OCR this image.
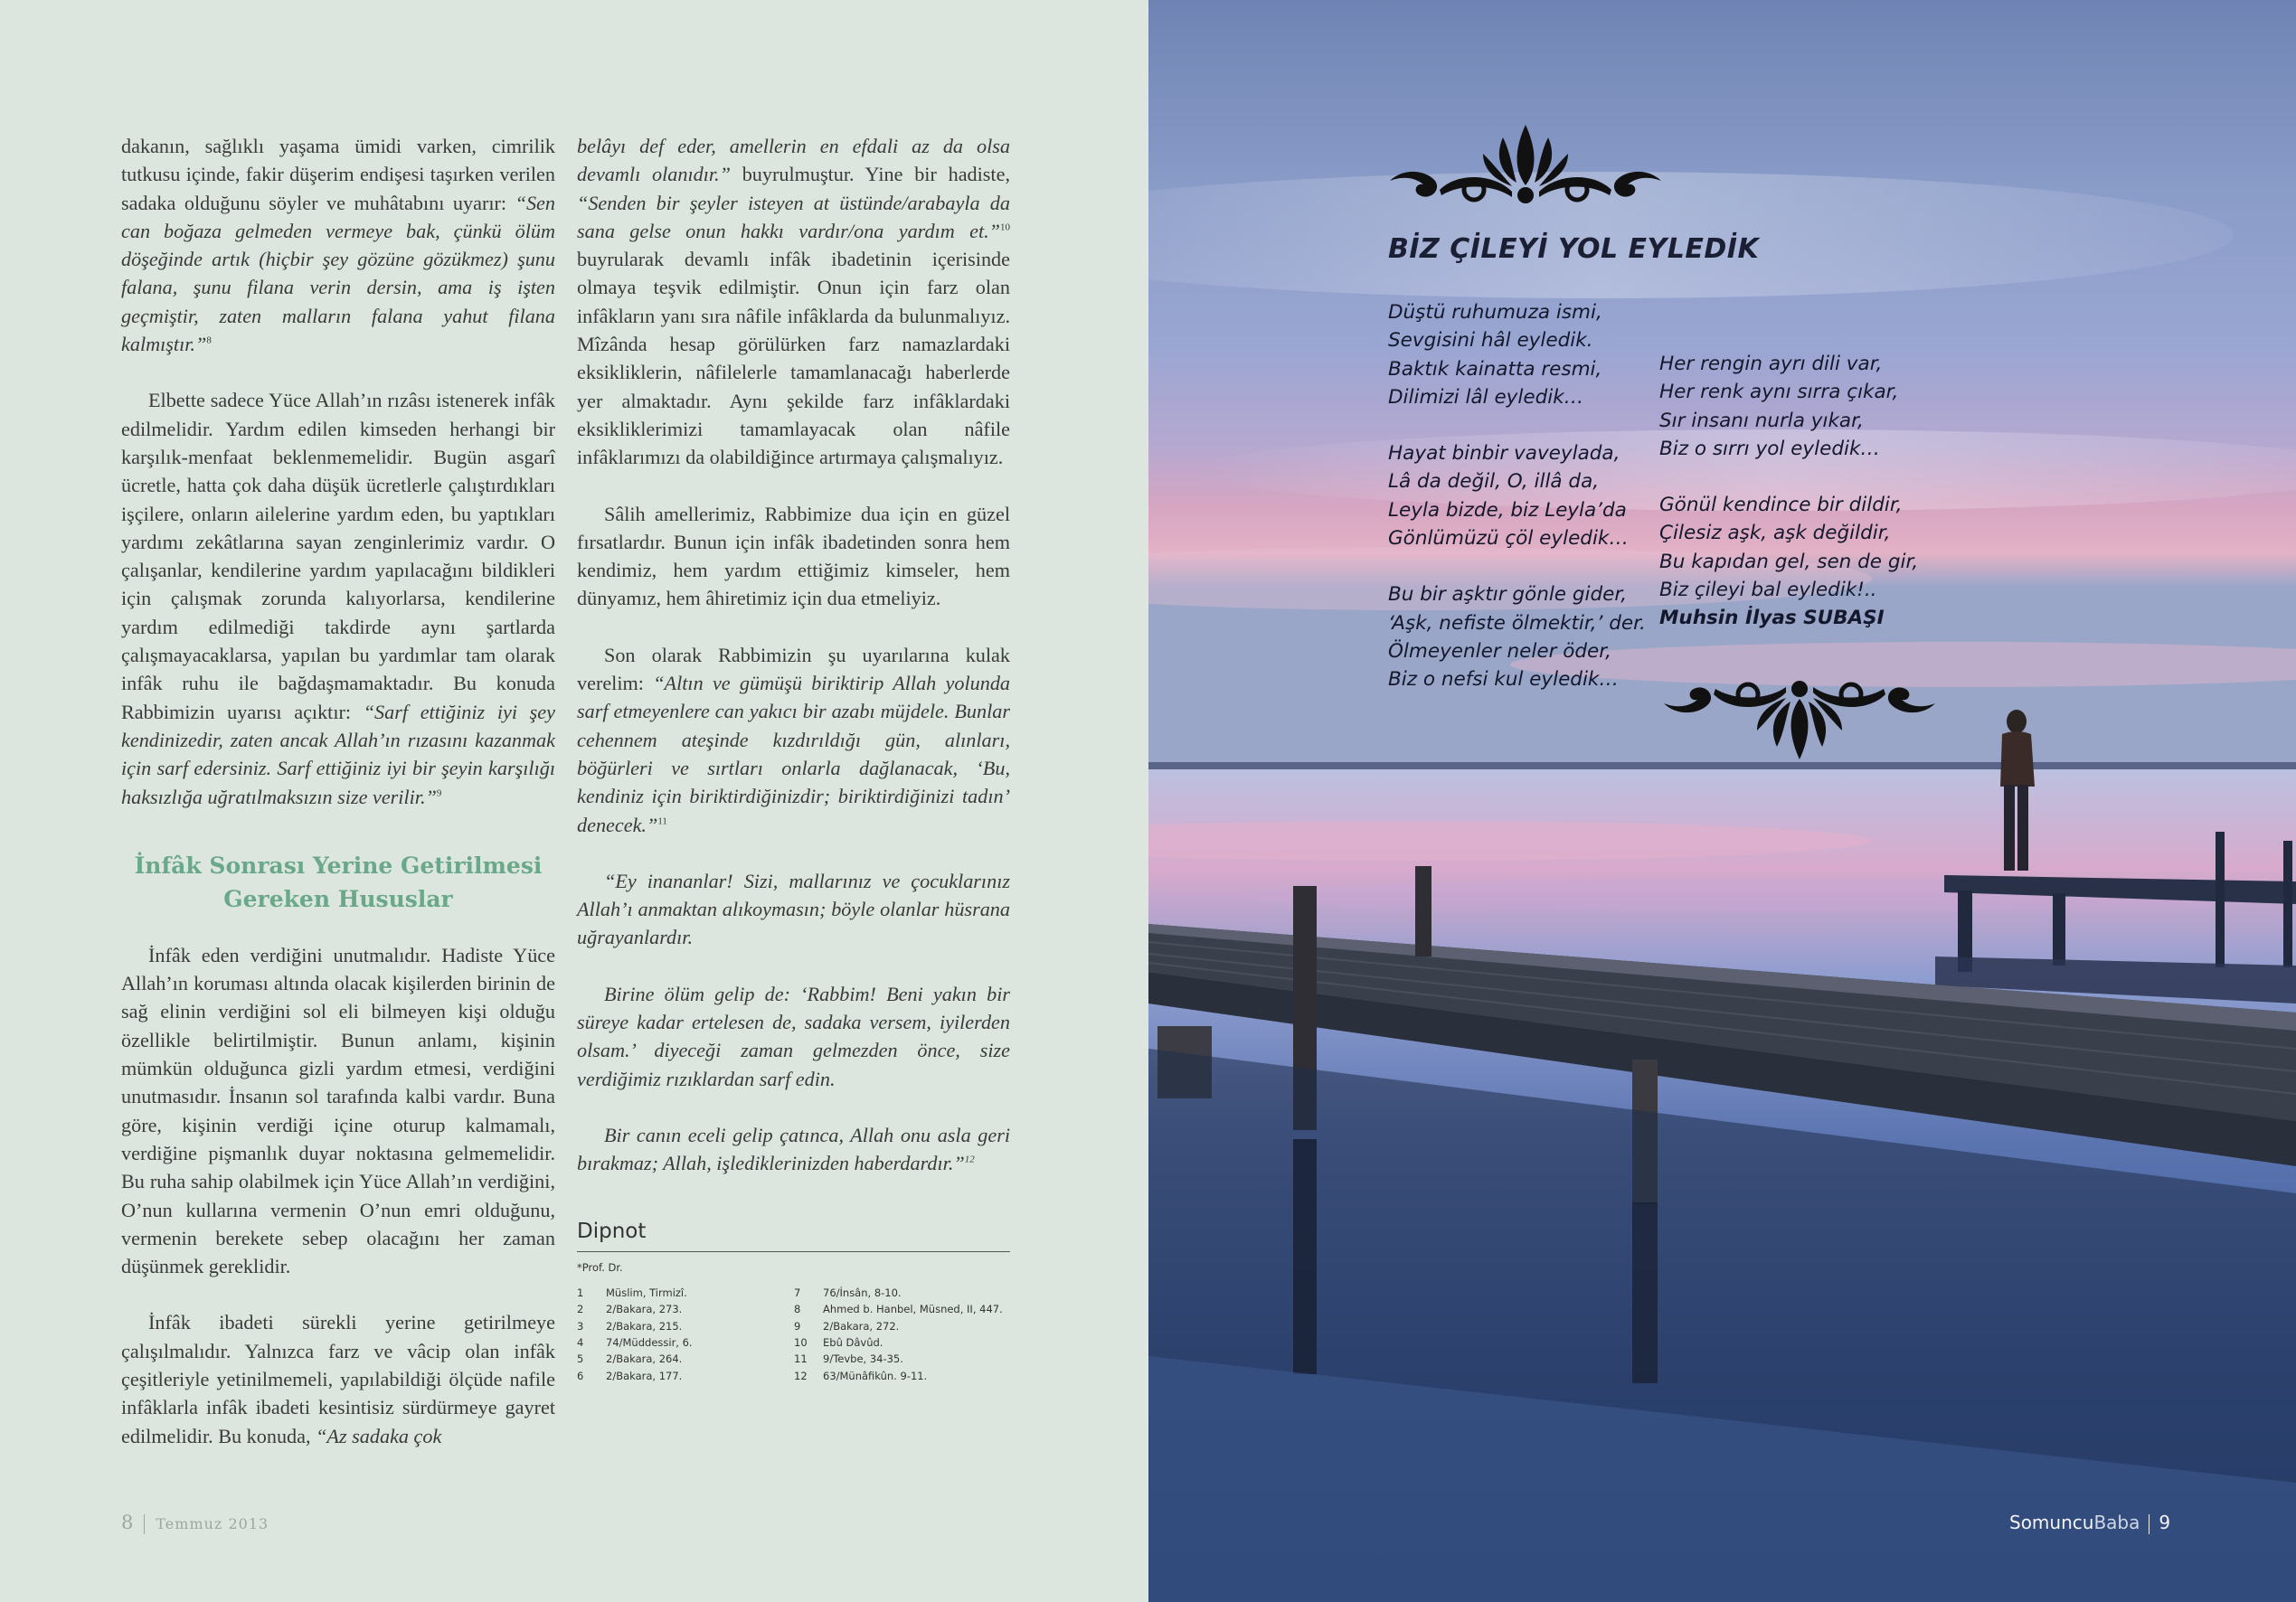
dakanın, sağlıklı yaşama ümidi varken, cimrilik tutkusu içinde, fakir düşerim endişesi taşırken verilen sadaka olduğunu söyler ve muhâtabını uyarır: “Sen can boğaza gelmeden vermeye bak, çünkü ölüm döşeğinde artık (hiçbir şey gözüne gözükmez) şunu falana, şunu filana verin dersin, ama iş işten geçmiştir, zaten malların falana yahut filana kalmıştır.”$^8$

Elbette sadece Yüce Allah’ın rızâsı istenerek infâk edilmelidir. Yardım edilen kimseden herhangi bir karşılık-menfaat beklenmemelidir. Bugün asgarî ücretle, hatta çok daha düşük ücretlerle çalıştırdıkları işçilere, onların ailelerine yardım eden, bu yaptıkları yardımı zekâtlarına sayan zenginlerimiz vardır. O çalışanlar, kendilerine yardım yapılacağını bildikleri için çalışmak zorunda kalıyorlarsa, kendilerine yardım edilmediği takdirde aynı şartlarda çalışmayacaklarsa, yapılan bu yardımlar tam olarak infâk ruhu ile bağdaşmamaktadır. Bu konuda Rabbimizin uyarısı açıktır: “Sarf ettiğiniz iyi şey kendinizedir, zaten ancak Allah’ın rızasını kazanmak için sarf edersiniz. Sarf ettiğiniz iyi bir şeyin karşılığı haksızlığa uğratılmaksızın size verilir.”$^9$

İnfâk Sonrası Yerine Getirilmesi
Gereken Hususlar

İnfâk eden verdiğini unutmalıdır. Hadiste Yüce Allah’ın koruması altında olacak kişilerden birinin de sağ elinin verdiğini sol eli bilmeyen kişi olduğu özellikle belirtilmiştir. Bunun anlamı, kişinin mümkün olduğunca gizli yardım etmesi, verdiğini unutmasıdır. İnsanın sol tarafında kalbi vardır. Buna göre, kişinin verdiği içine oturup kalmamalı, verdiğine pişmanlık duyar noktasına gelmemelidir. Bu ruha sahip olabilmek için Yüce Allah’ın verdiğini, O’nun kullarına vermenin O’nun emri olduğunu, vermenin berekete sebep olacağını her zaman düşünmek gereklidir.

İnfâk ibadeti sürekli yerine getirilmeye çalışılmalıdır. Yalnızca farz ve vâcip olan infâk çeşitleriyle yetinilmemeli, yapılabildiği ölçüde nafile infâklarla infâk ibadeti kesintisiz sürdürmeye gayret edilmelidir. Bu konuda, “Az sadaka çok

belâyı def eder, amellerin en efdali az da olsa devamlı olanıdır.” buyrulmuştur. Yine bir hadiste, “Senden bir şeyler isteyen at üstünde/arabayla da sana gelse onun hakkı vardır/ona yardım et.”$^{10}$ buyrularak devamlı infâk ibadetinin içerisinde olmaya teşvik edilmiştir. Onun için farz olan infâkların yanı sıra nâfile infâklarda da bulunmalıyız. Mîzânda hesap görülürken farz namazlardaki eksikliklerin, nâfilelerle tamamlanacağı haberlerde yer almaktadır. Aynı şekilde farz infâklardaki eksikliklerimizi tamamlayacak olan nâfile infâklarımızı da olabildiğince artırmaya çalışmalıyız.

Sâlih amellerimiz, Rabbimize dua için en güzel fırsatlardır. Bunun için infâk ibadetinden sonra hem kendimiz, hem yardım ettiğimiz kimseler, hem dünyamız, hem âhiretimiz için dua etmeliyiz.

Son olarak Rabbimizin şu uyarılarına kulak verelim: “Altın ve gümüşü biriktirip Allah yolunda sarf etmeyenlere can yakıcı bir azabı müjdele. Bunlar cehennem ateşinde kızdırıldığı gün, alınları, böğürleri ve sırtları onlarla dağlanacak, ‘Bu, kendiniz için biriktirdiğinizdir; biriktirdiğinizi tadın’ denecek.”$^{11}$

“Ey inananlar! Sizi, mallarınız ve çocuklarınız Allah’ı anmaktan alıkoymasın; böyle olanlar hüsrana uğrayanlardır.

Birine ölüm gelip de: ‘Rabbim! Beni yakın bir süreye kadar ertelesen de, sadaka versem, iyilerden olsam.’ diyeceği zaman gelmezden önce, size verdiğimiz rızıklardan sarf edin.

Bir canın eceli gelip çatınca, Allah onu asla geri bırakmaz; Allah, işlediklerinizden haberdardır.”$^{12}$

Dipnot
*Prof. Dr.
1	Müslim, Tirmizî.
2	2/Bakara, 273.
3	2/Bakara, 215.
4	74/Müddessir, 6.
5	2/Bakara, 264.
6	2/Bakara, 177.
7	76/İnsân, 8-10.
8	Ahmed b. Hanbel, Müsned, II, 447.
9	2/Bakara, 272.
10	Ebû Dâvûd.
11	9/Tevbe, 34-35.
12	63/Münâfikûn. 9-11.
8 Temmuz 2013
BİZ ÇİLEYİ YOL EYLEDİK

Düştü ruhumuza ismi,

Sevgisini hâl eyledik.

Baktık kainatta resmi,

Dilimizi lâl eyledik…

Hayat binbir vaveylada,

Lâ da değil, O, illâ da,

Leyla bizde, biz Leyla’da

Gönlümüzü çöl eyledik…

Bu bir aşktır gönle gider,

‘Aşk, nefiste ölmektir,’ der.

Ölmeyenler neler öder,

Biz o nefsi kul eyledik…

Her rengin ayrı dili var,

Her renk aynı sırra çıkar,

Sır insanı nurla yıkar,

Biz o sırrı yol eyledik…

Gönül kendince bir dildir,

Çilesiz aşk, aşk değildir,

Bu kapıdan gel, sen de gir,

Biz çileyi bal eyledik!..

Muhsin İlyas SUBAŞI

SomuncuBaba 9
